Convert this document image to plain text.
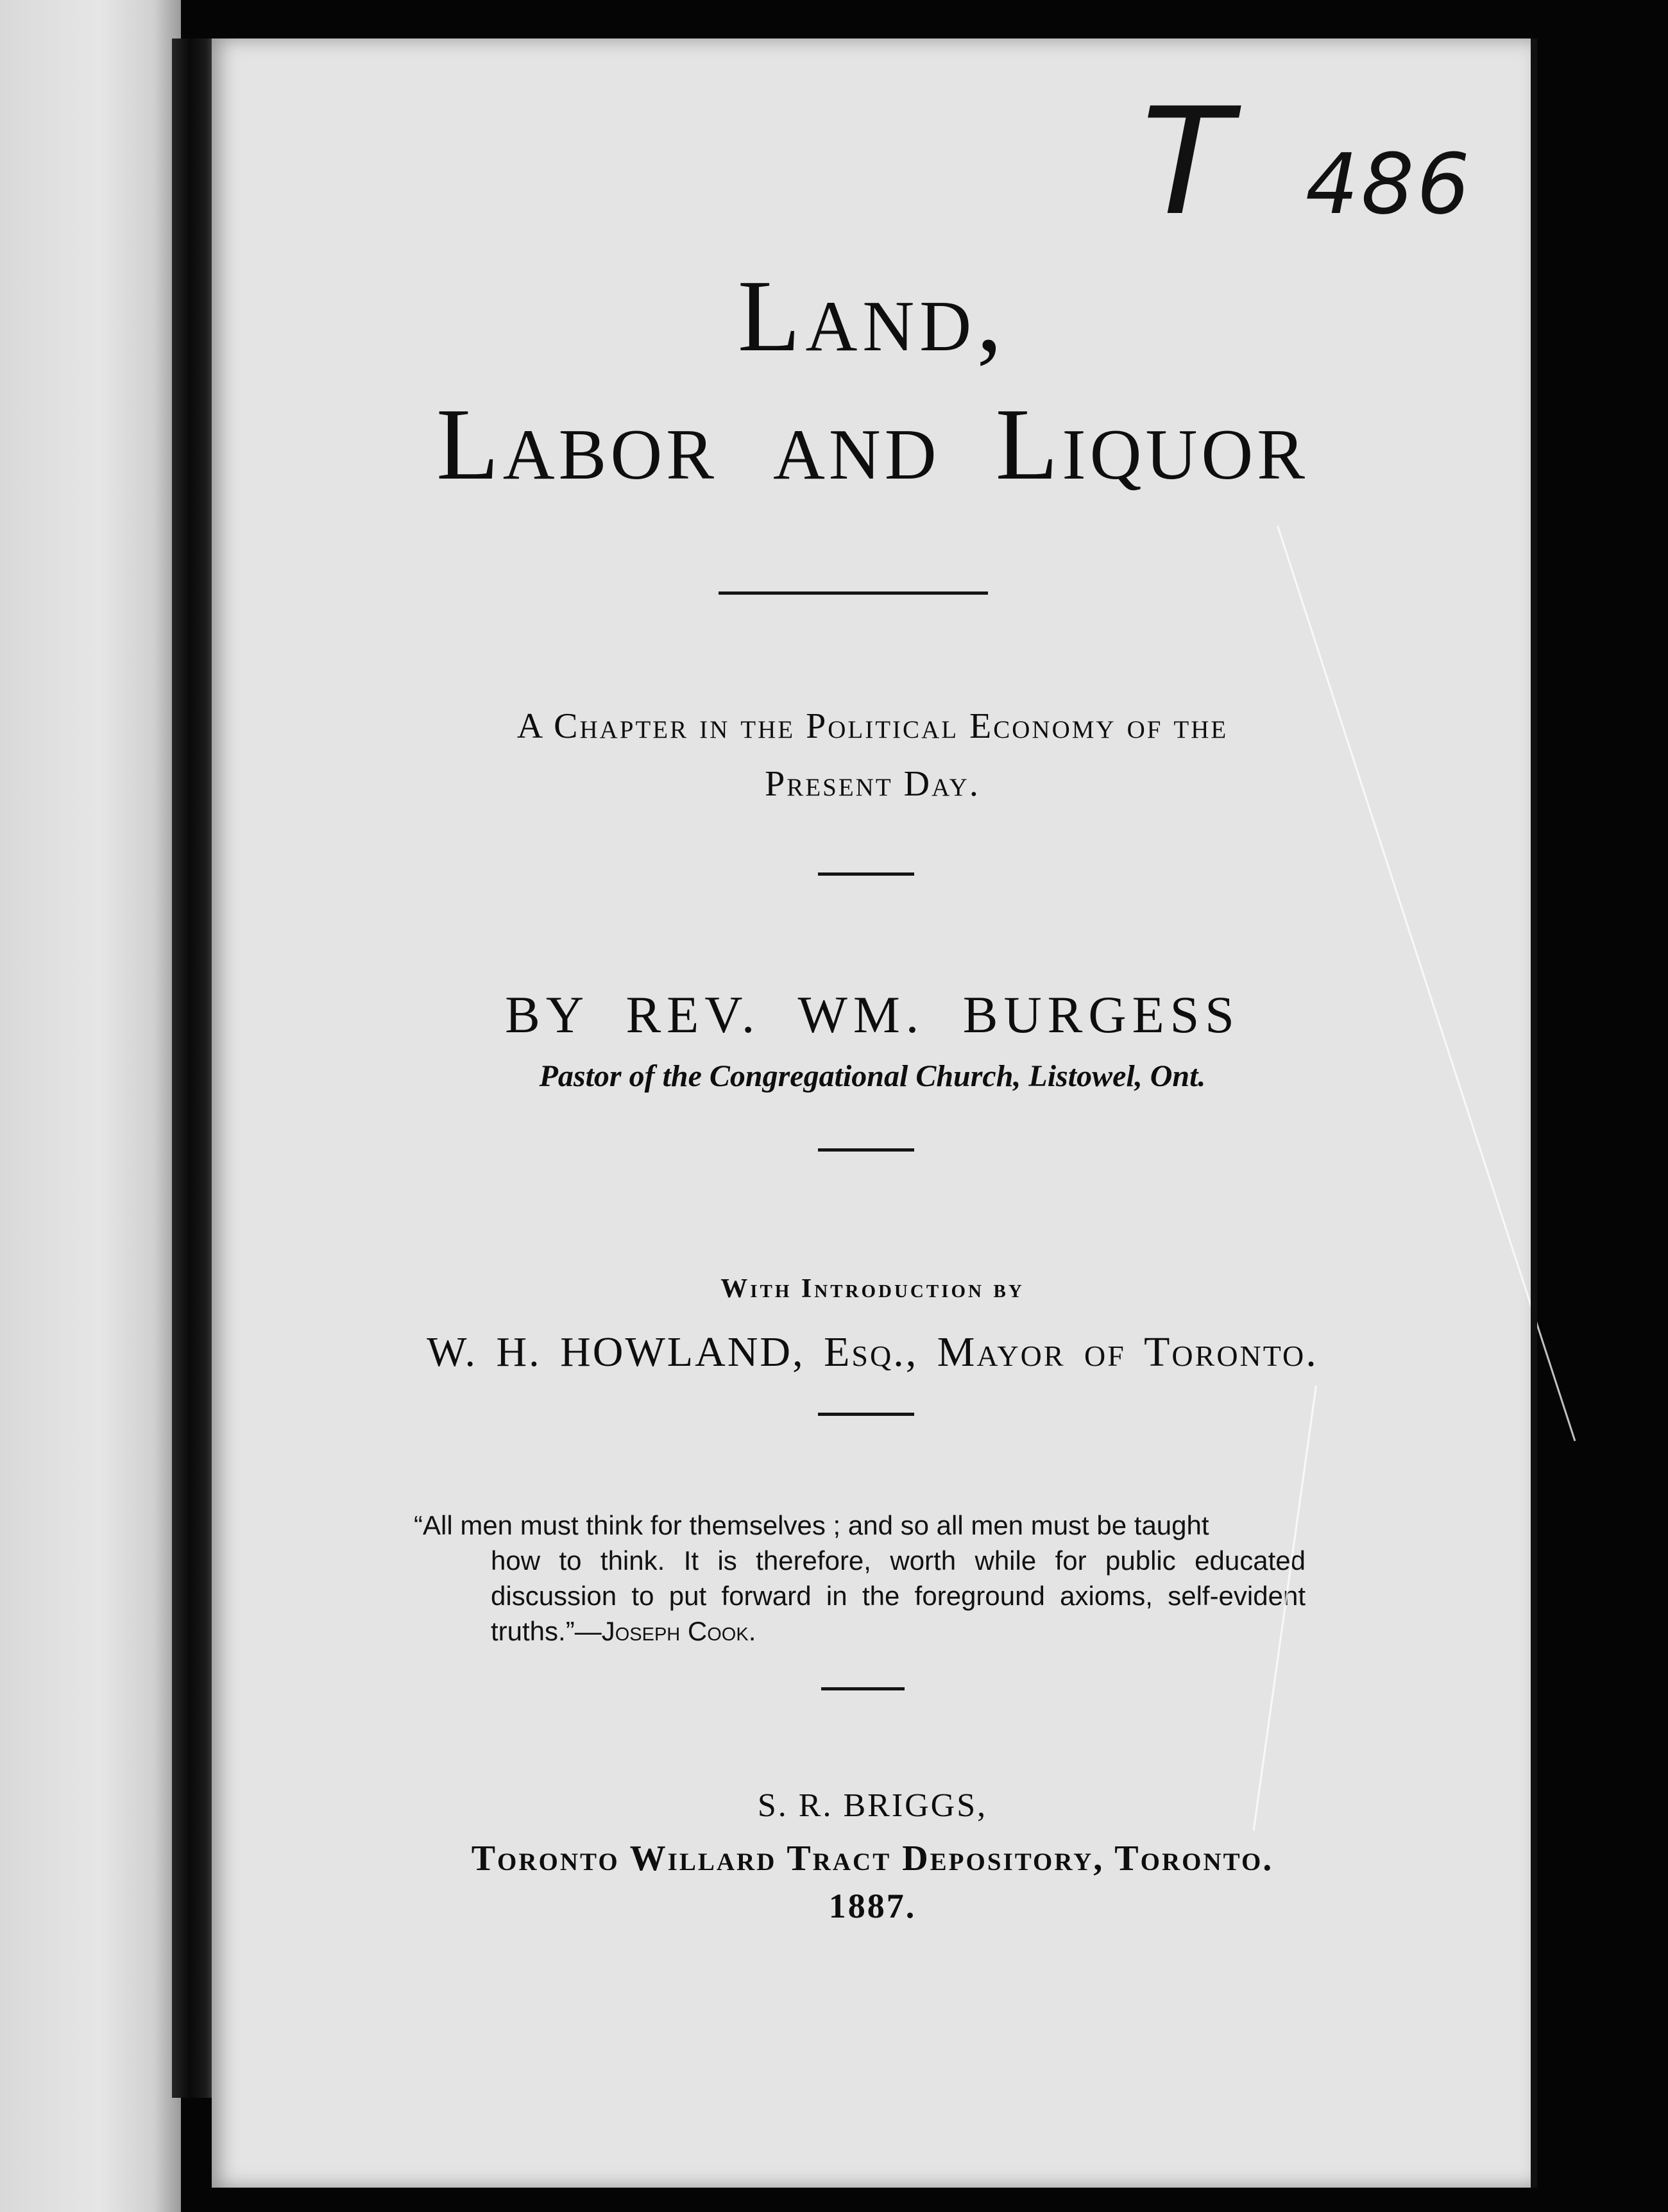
T 486
Land,
Labor and Liquor
A Chapter in the Political Economy of the
Present Day.
BY REV. WM. BURGESS
Pastor of the Congregational Church, Listowel, Ont.
With Introduction by
W. H. HOWLAND, Esq., Mayor of Toronto.
“All men must think for themselves ; and so all men must be taught
how to think. It is therefore, worth while for public educated discussion to put forward in the foreground axioms, self-evident truths.”—Joseph Cook.
S. R. BRIGGS,
Toronto Willard Tract Depository, Toronto.
1887.
